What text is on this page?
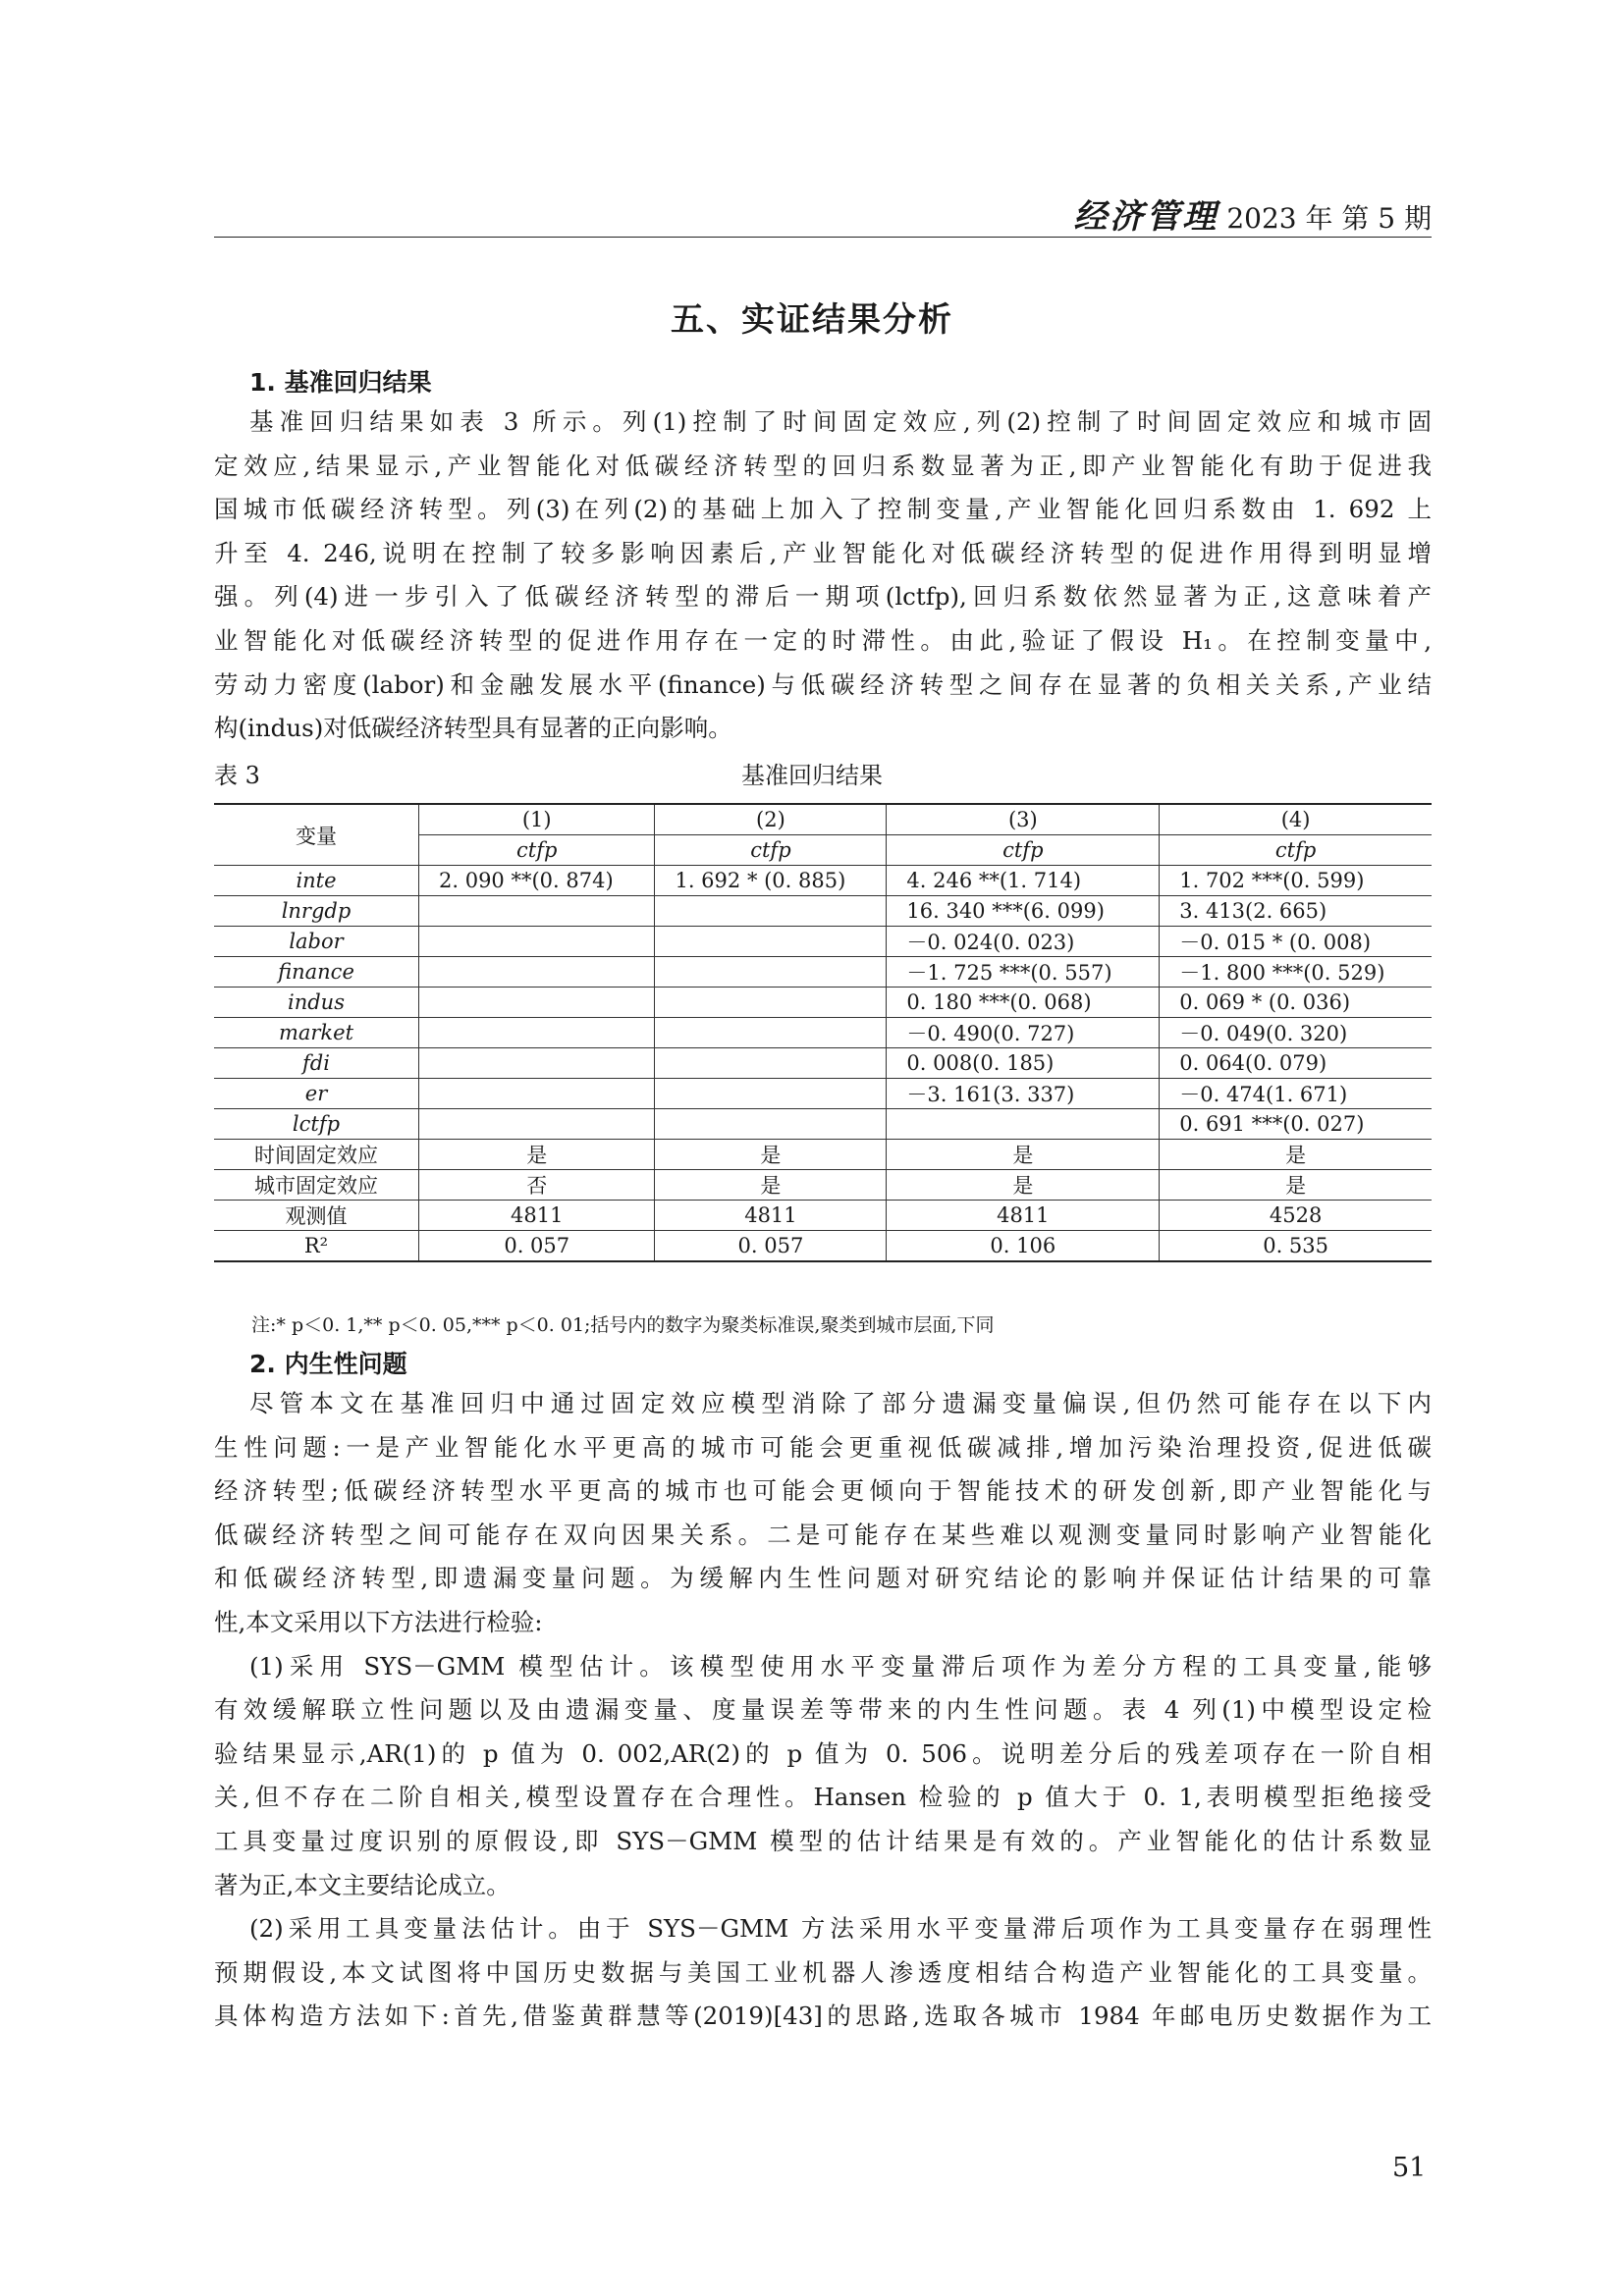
经济管理 2023 年 第 5 期
五、实证结果分析
1. 基准回归结果

基准回归结果如表 3 所示。列(1)控制了时间固定效应,列(2)控制了时间固定效应和城市固

定效应,结果显示,产业智能化对低碳经济转型的回归系数显著为正,即产业智能化有助于促进我

国城市低碳经济转型。列(3)在列(2)的基础上加入了控制变量,产业智能化回归系数由 1. 692 上

升至 4. 246,说明在控制了较多影响因素后,产业智能化对低碳经济转型的促进作用得到明显增

强。列(4)进一步引入了低碳经济转型的滞后一期项(lctfp),回归系数依然显著为正,这意味着产

业智能化对低碳经济转型的促进作用存在一定的时滞性。由此,验证了假设 H₁。在控制变量中,

劳动力密度(labor)和金融发展水平(finance)与低碳经济转型之间存在显著的负相关关系,产业结

构(indus)对低碳经济转型具有显著的正向影响。

表 3	基准回归结果
变量	(1)	(2)	(3)	(4)
	ctfp	ctfp	ctfp	ctfp
inte	2. 090 **(0. 874)	1. 692 * (0. 885)	4. 246 **(1. 714)	1. 702 ***(0. 599)
lnrgdp			16. 340 ***(6. 099)	3. 413(2. 665)
labor			－0. 024(0. 023)	－0. 015 * (0. 008)
finance			－1. 725 ***(0. 557)	－1. 800 ***(0. 529)
indus			0. 180 ***(0. 068)	0. 069 * (0. 036)
market			－0. 490(0. 727)	－0. 049(0. 320)
fdi			0. 008(0. 185)	0. 064(0. 079)
er			－3. 161(3. 337)	－0. 474(1. 671)
lctfp				0. 691 ***(0. 027)
时间固定效应	是	是	是	是
城市固定效应	否	是	是	是
观测值	4811	4811	4811	4528
R²	0. 057	0. 057	0. 106	0. 535
注:* p＜0. 1,** p＜0. 05,*** p＜0. 01;括号内的数字为聚类标准误,聚类到城市层面,下同
2. 内生性问题

尽管本文在基准回归中通过固定效应模型消除了部分遗漏变量偏误,但仍然可能存在以下内

生性问题:一是产业智能化水平更高的城市可能会更重视低碳减排,增加污染治理投资,促进低碳

经济转型;低碳经济转型水平更高的城市也可能会更倾向于智能技术的研发创新,即产业智能化与

低碳经济转型之间可能存在双向因果关系。二是可能存在某些难以观测变量同时影响产业智能化

和低碳经济转型,即遗漏变量问题。为缓解内生性问题对研究结论的影响并保证估计结果的可靠

性,本文采用以下方法进行检验:

(1)采用 SYS－GMM 模型估计。该模型使用水平变量滞后项作为差分方程的工具变量,能够

有效缓解联立性问题以及由遗漏变量、度量误差等带来的内生性问题。表 4 列(1)中模型设定检

验结果显示,AR(1)的 p 值为 0. 002,AR(2)的 p 值为 0. 506。说明差分后的残差项存在一阶自相

关,但不存在二阶自相关,模型设置存在合理性。Hansen 检验的 p 值大于 0. 1,表明模型拒绝接受

工具变量过度识别的原假设,即 SYS－GMM 模型的估计结果是有效的。产业智能化的估计系数显

著为正,本文主要结论成立。

(2)采用工具变量法估计。由于 SYS－GMM 方法采用水平变量滞后项作为工具变量存在弱理性

预期假设,本文试图将中国历史数据与美国工业机器人渗透度相结合构造产业智能化的工具变量。

具体构造方法如下:首先,借鉴黄群慧等(2019)[43]的思路,选取各城市 1984 年邮电历史数据作为工

51
